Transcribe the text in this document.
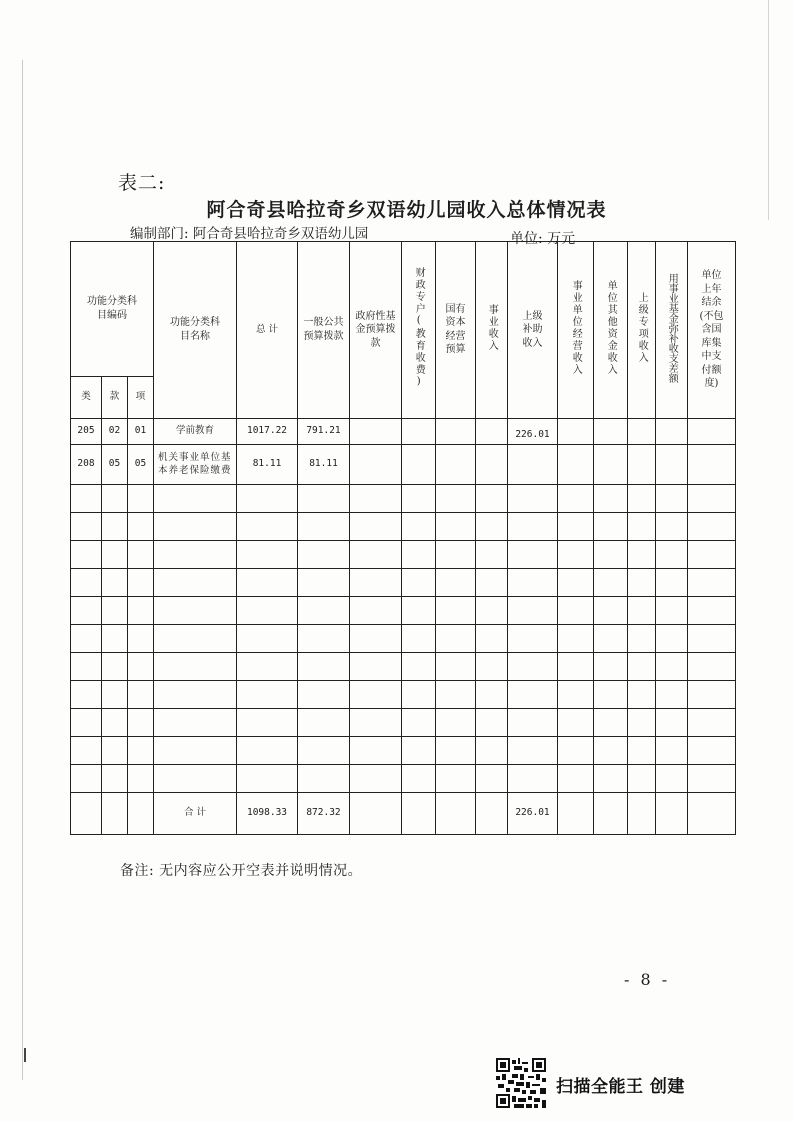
表二:
阿合奇县哈拉奇乡双语幼儿园收入总体情况表
编制部门: 阿合奇县哈拉奇乡双语幼儿园	单位: 万元
功能分类科目编码			功能分类科目名称	总 计	一般公共预算拨款	政府性基金预算拨款	财政专户(教育收费)	国有资本经营预算	事业收入	上级补助收入	事业单位经营收入	单位其他资金收入	上级专项收入	用事业基金弥补收支差额	单位上年结余(不包含国库集中支付额度)
类	款	项													
205	02	01	学前教育	1017.22	791.21					226.01					
208	05	05	机关事业单位基本养老保险缴费	81.11	81.11										

			合 计	1098.33	872.32					226.01					
备注: 无内容应公开空表并说明情况。
- 8 -
扫描全能王 创建
